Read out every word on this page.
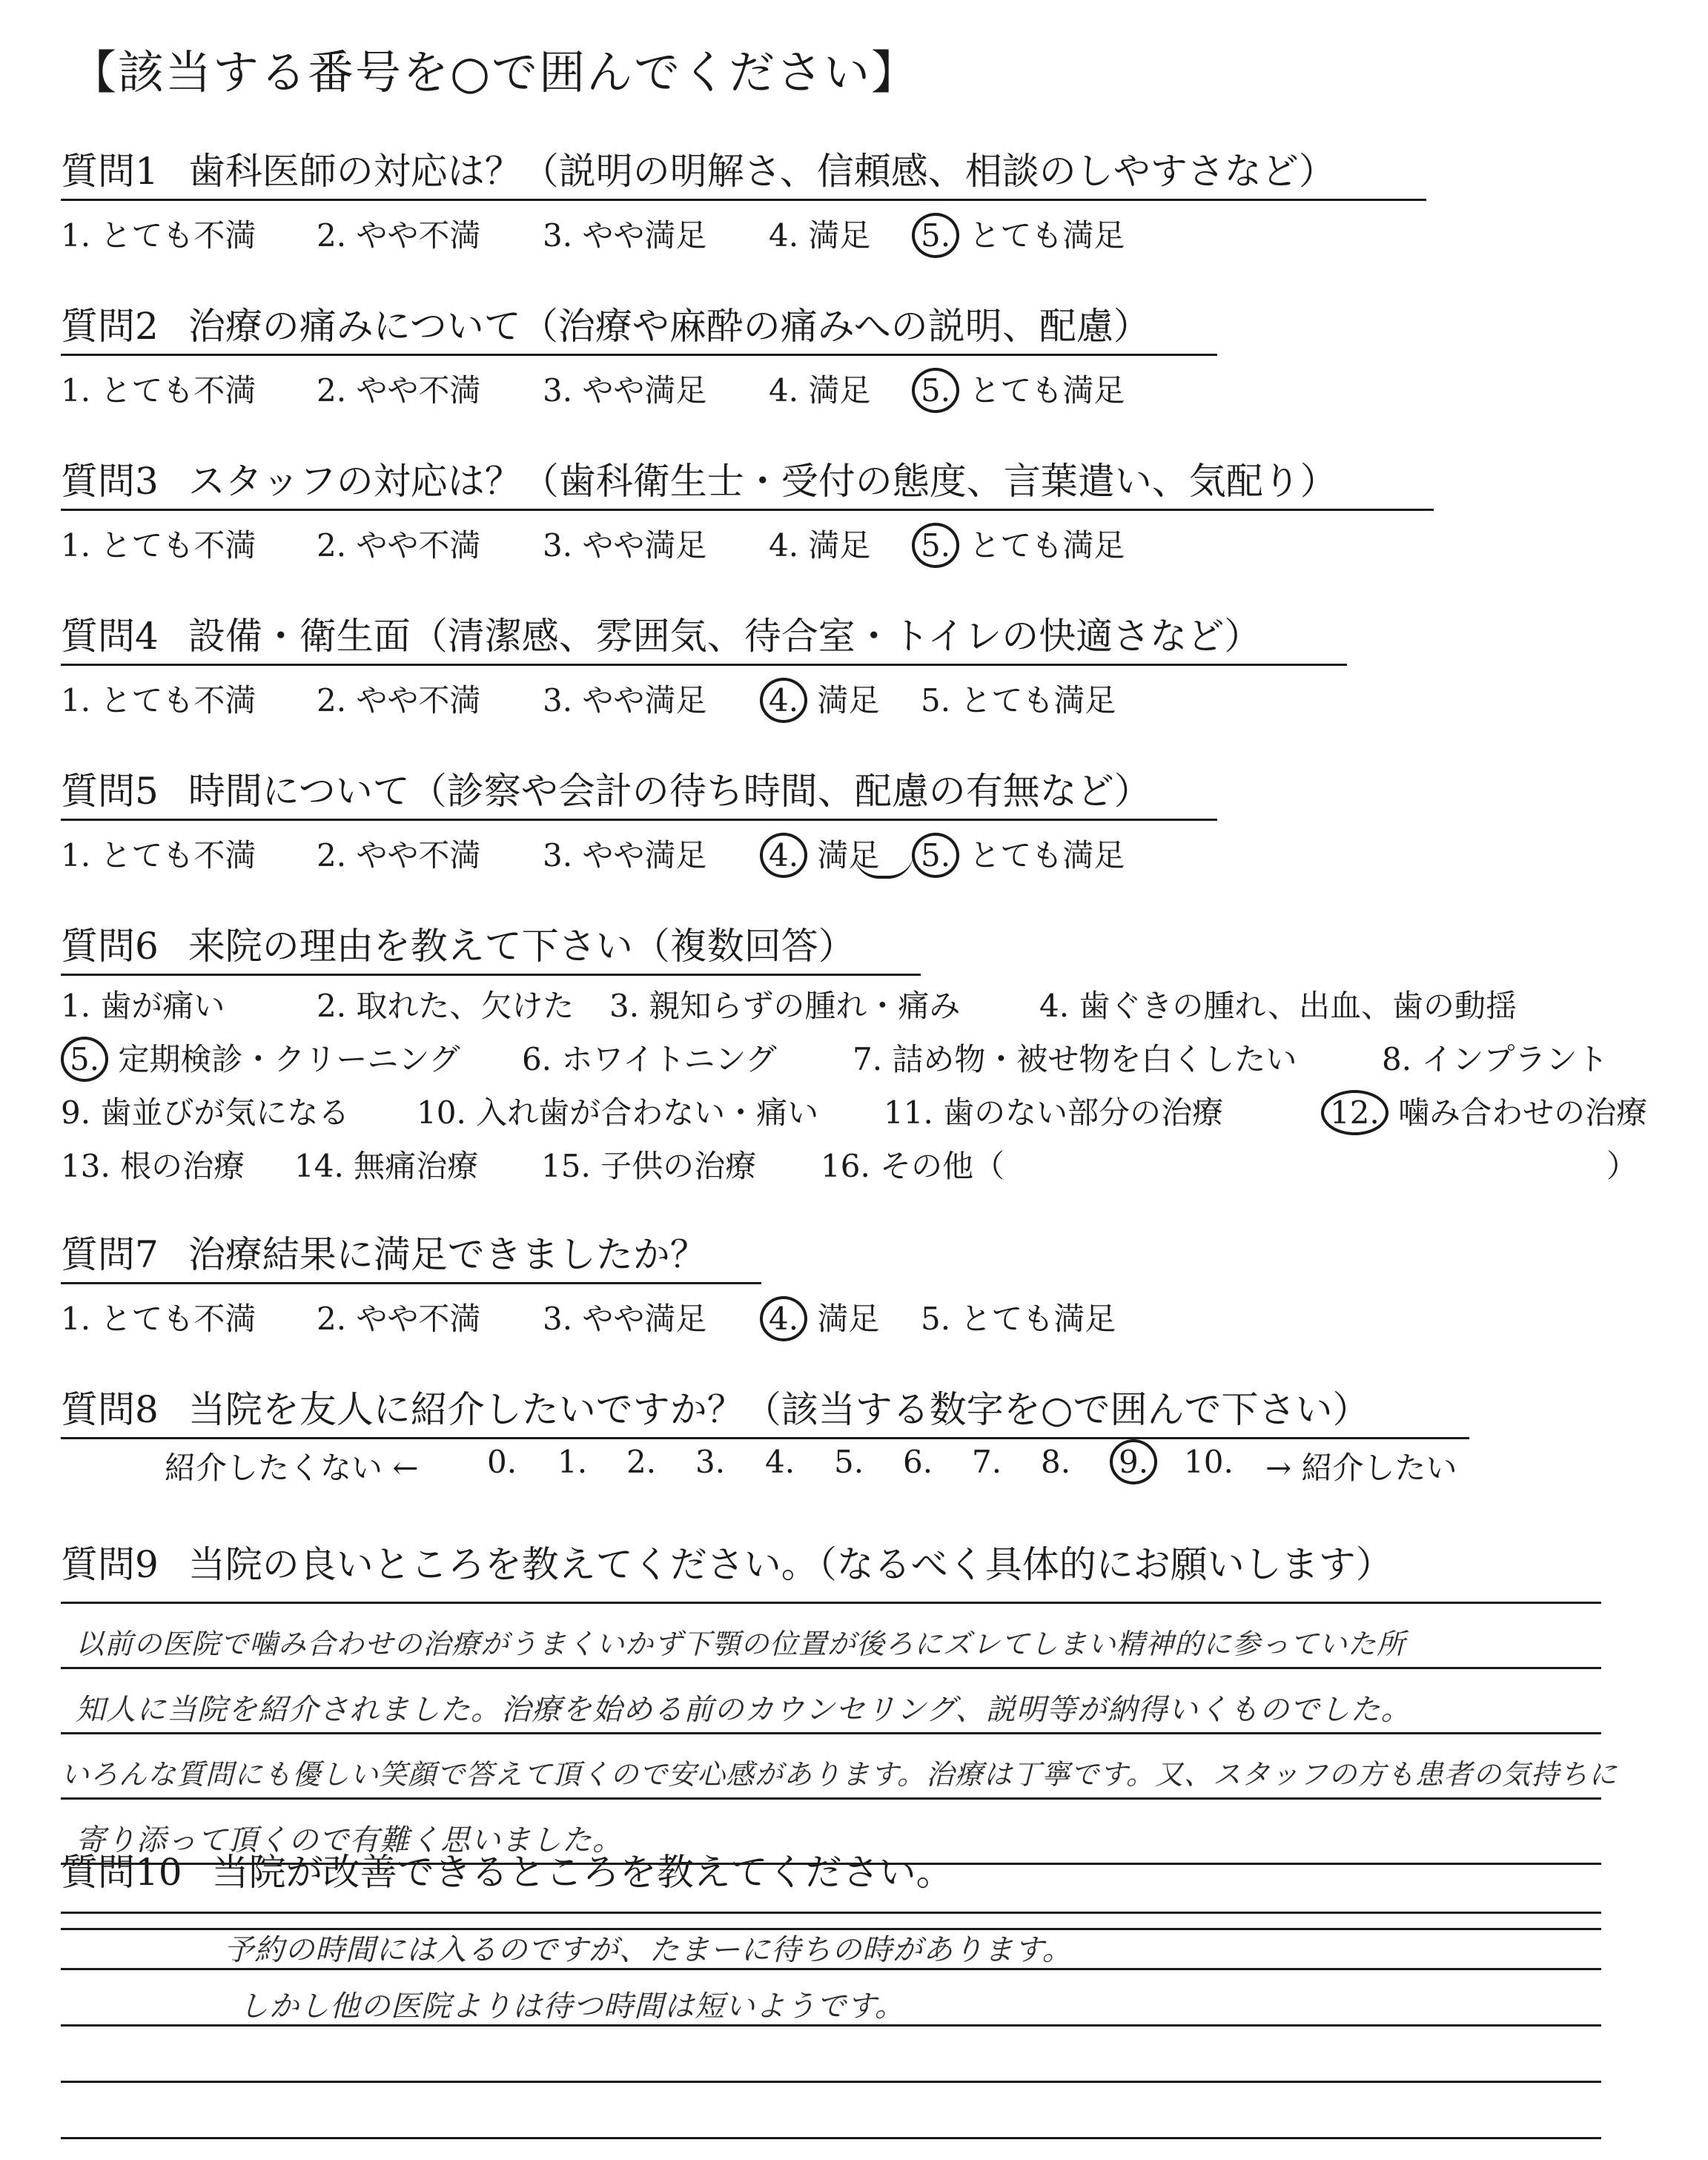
【該当する番号を○で囲んでください】
質問1 歯科医師の対応は？（説明の明解さ、信頼感、相談のしやすさなど）
1. とても不満 2. やや不満 3. やや満足 4. 満足 5. とても満足
質問2 治療の痛みについて（治療や麻酔の痛みへの説明、配慮）
1. とても不満 2. やや不満 3. やや満足 4. 満足 5. とても満足
質問3 スタッフの対応は？（歯科衛生士・受付の態度、言葉遣い、気配り）
1. とても不満 2. やや不満 3. やや満足 4. 満足 5. とても満足
質問4 設備・衛生面（清潔感、雰囲気、待合室・トイレの快適さなど）
1. とても不満 2. やや不満 3. やや満足 4. 満足 5. とても満足
質問5 時間について（診察や会計の待ち時間、配慮の有無など）
1. とても不満 2. やや不満 3. やや満足 4. 満足 5. とても満足
質問6 来院の理由を教えて下さい（複数回答）
1. 歯が痛い	2. 取れた、欠けた 3. 親知らずの腫れ・痛み	4. 歯ぐきの腫れ、出血、歯の動揺
5. 定期検診・クリーニング 6. ホワイトニング 7. 詰め物・被せ物を白くしたい	8. インプラント
9. 歯並びが気になる 10. 入れ歯が合わない・痛い 11. 歯のない部分の治療	12. 噛み合わせの治療
13. 根の治療 14. 無痛治療 15. 子供の治療 16. その他（	）
質問7 治療結果に満足できましたか？
1. とても不満 2. やや不満 3. やや満足 4. 満足 5. とても満足
質問8 当院を友人に紹介したいですか？（該当する数字を○で囲んで下さい）
紹介したくない ← 0. 1. 2. 3. 4. 5. 6. 7. 8. 9. 10. → 紹介したい
質問9 当院の良いところを教えてください。（なるべく具体的にお願いします）
以前の医院で噛み合わせの治療がうまくいかず下顎の位置が後ろにズレてしまい精神的に参っていた所
知人に当院を紹介されました。治療を始める前のカウンセリング、説明等が納得いくものでした。
いろんな質問にも優しい笑顔で答えて頂くので安心感があります。治療は丁寧です。又、スタッフの方も患者の気持ちに
寄り添って頂くので有難く思いました。
質問10 当院が改善できるところを教えてください。
予約の時間には入るのですが、たまーに待ちの時があります。
しかし他の医院よりは待つ時間は短いようです。
